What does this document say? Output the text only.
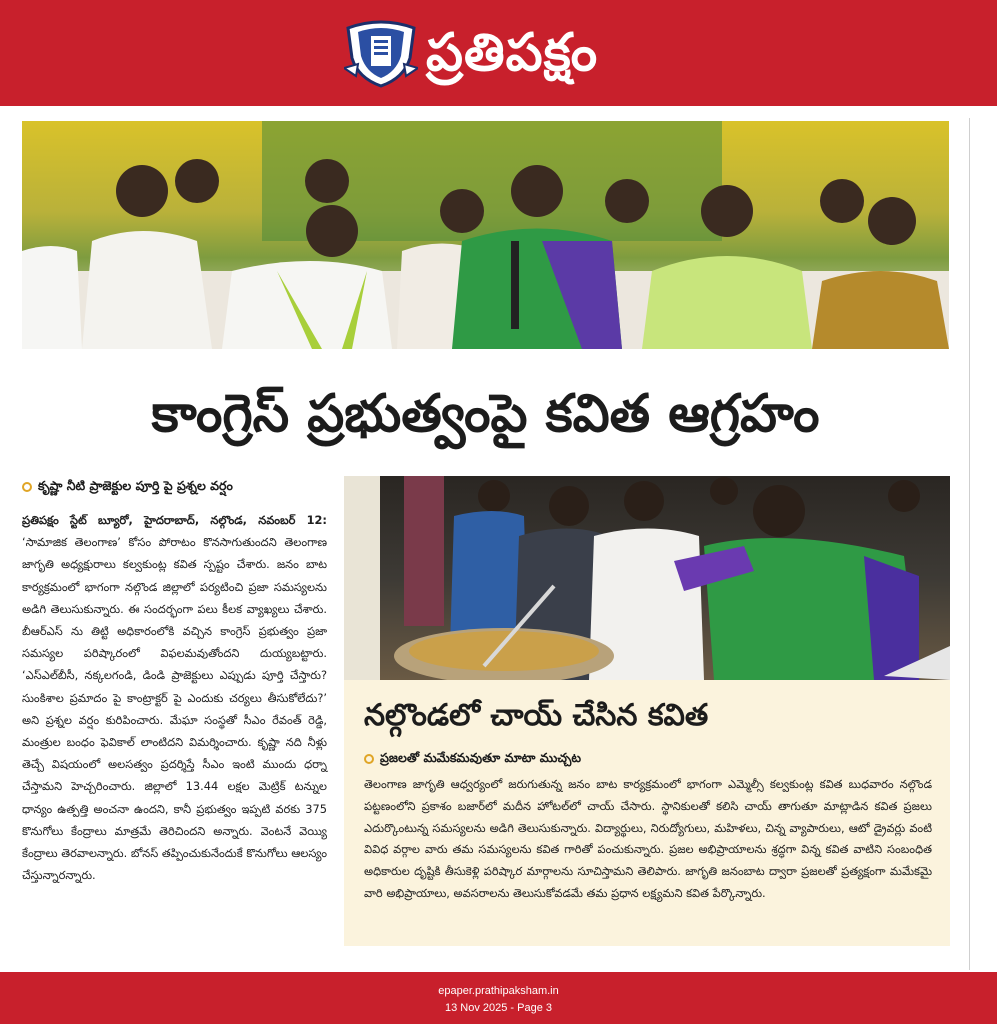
ప్రతిపక్షం
కాంగ్రెస్ ప్రభుత్వంపై కవిత ఆగ్రహం
కృష్ణా నీటి ప్రాజెక్టుల పూర్తి పై ప్రశ్నల వర్షం

ప్రతిపక్షం స్టేట్ బ్యూరో, హైదరాబాద్, నల్గొండ, నవంబర్ 12: ‘సామాజిక తెలంగాణ’ కోసం పోరాటం కొనసాగుతుందని తెలంగాణ జాగృతి అధ్యక్షురాలు కల్వకుంట్ల కవిత స్పష్టం చేశారు. జనం బాట కార్యక్రమంలో భాగంగా నల్గొండ జిల్లాలో పర్యటించి ప్రజా సమస్యలను అడిగి తెలుసుకున్నారు. ఈ సందర్భంగా పలు కీలక వ్యాఖ్యలు చేశారు. బీఆర్ఎస్ ను తిట్టి అధికారంలోకి వచ్చిన కాంగ్రెస్ ప్రభుత్వం ప్రజా సమస్యల పరిష్కారంలో విఫలమవుతోందని దుయ్యబట్టారు. ‘ఎస్ఎల్‌బీసీ, నక్కలగండి, డిండి ప్రాజెక్టులు ఎప్పుడు పూర్తి చేస్తారు? సుంకిశాల ప్రమాదం పై కాంట్రాక్టర్ పై ఎందుకు చర్యలు తీసుకోలేదు?’ అని ప్రశ్నల వర్షం కురిపించారు. మేఘా సంస్థతో సీఎం రేవంత్ రెడ్డి, మంత్రుల బంధం ఫెవికాల్ లాంటిదని విమర్శించారు. కృష్ణా నది నీళ్లు తెచ్చే విషయంలో అలసత్వం ప్రదర్శిస్తే సీఎం ఇంటి ముందు ధర్నా చేస్తామని హెచ్చరించారు. జిల్లాలో 13.44 లక్షల మెట్రిక్ టన్నుల ధాన్యం ఉత్పత్తి అంచనా ఉందని, కానీ ప్రభుత్వం ఇప్పటి వరకు 375 కొనుగోలు కేంద్రాలు మాత్రమే తెరిచిందని అన్నారు. వెంటనే వెయ్యి కేంద్రాలు తెరవాలన్నారు. బోనస్ తప్పించుకునేందుకే కొనుగోలు ఆలస్యం చేస్తున్నారన్నారు.

నల్గొండలో చాయ్ చేసిన కవిత
ప్రజలతో మమేకమవుతూ మాటా ముచ్చట

తెలంగాణ జాగృతి ఆధ్వర్యంలో జరుగుతున్న జనం బాట కార్యక్రమంలో భాగంగా ఎమ్మెల్సీ కల్వకుంట్ల కవిత బుధవారం నల్గొండ పట్టణంలోని ప్రకాశం బజార్‌లో మదీన హోటల్‌లో చాయ్ చేసారు. స్థానికులతో కలిసి చాయ్ తాగుతూ మాట్లాడిన కవిత ప్రజలు ఎదుర్కొంటున్న సమస్యలను అడిగి తెలుసుకున్నారు. విద్యార్థులు, నిరుద్యోగులు, మహిళలు, చిన్న వ్యాపారులు, ఆటో డ్రైవర్లు వంటి వివిధ వర్గాల వారు తమ సమస్యలను కవిత గారితో పంచుకున్నారు. ప్రజల అభిప్రాయాలను శ్రద్ధగా విన్న కవిత వాటిని సంబంధిత అధికారుల దృష్టికి తీసుకెళ్లి పరిష్కార మార్గాలను సూచిస్తామని తెలిపారు. జాగృతి జనంబాట ద్వారా ప్రజలతో ప్రత్యక్షంగా మమేకమై వారి అభిప్రాయాలు, అవసరాలను తెలుసుకోవడమే తమ ప్రధాన లక్ష్యమని కవిత పేర్కొన్నారు.

epaper.prathipaksham.in
13 Nov 2025 - Page 3
